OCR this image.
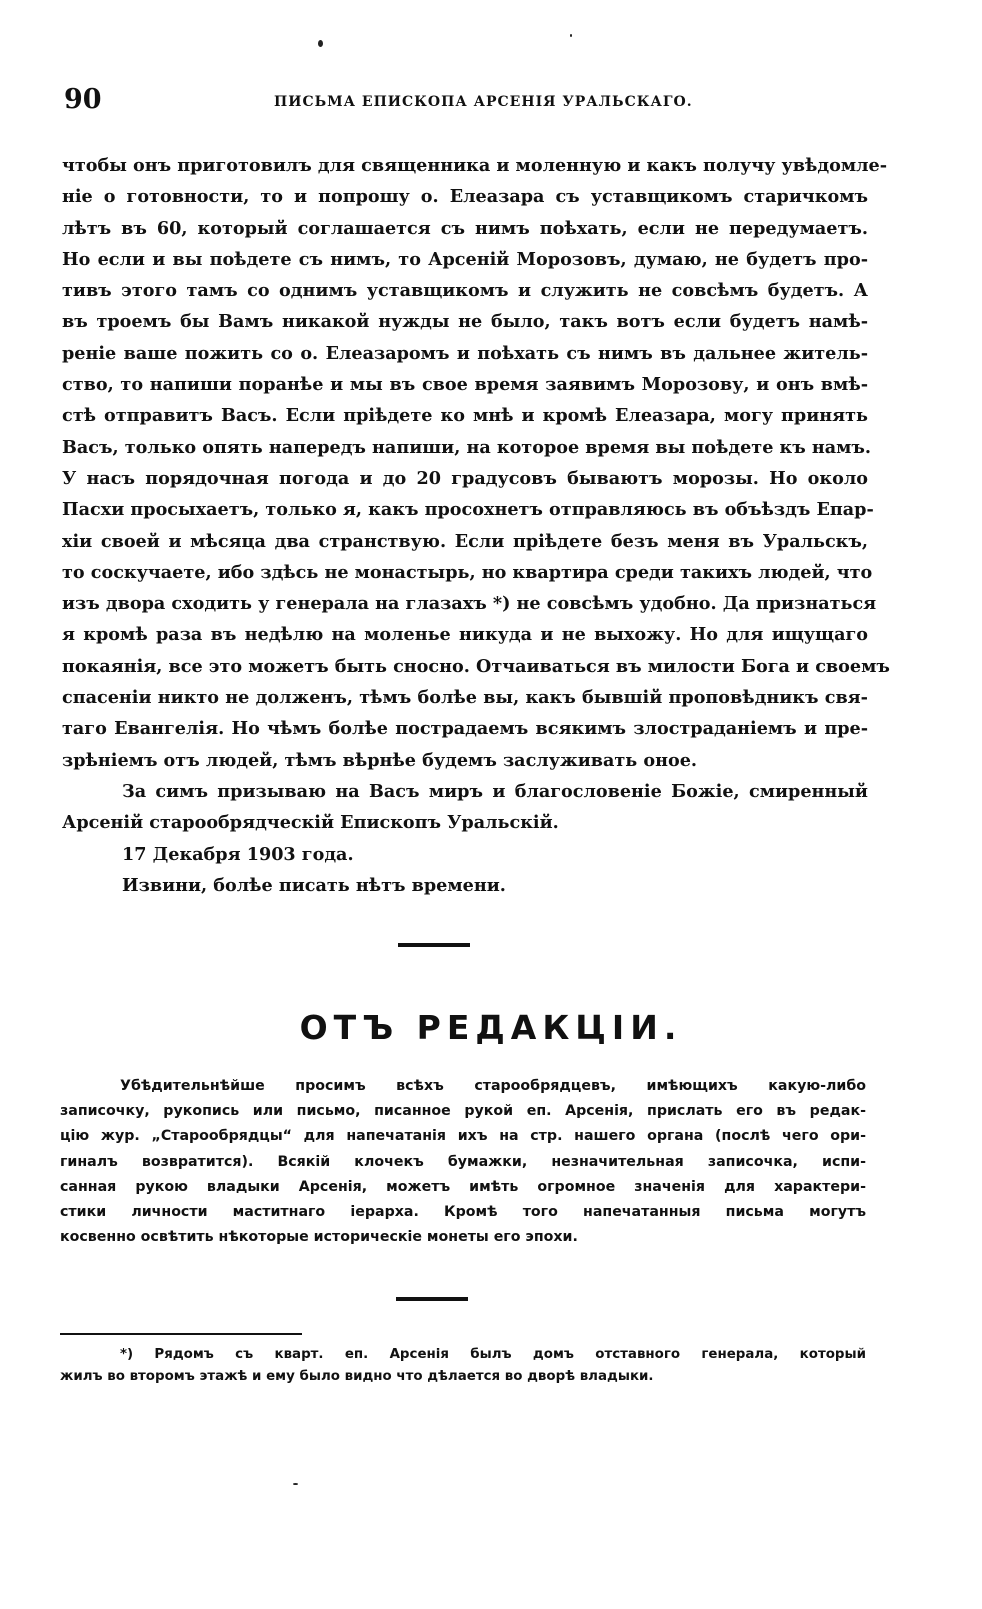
90	ПИСЬМА ЕПИСКОПА АРСЕНІЯ УРАЛЬСКАГО.
чтобы онъ приготовилъ для священника и моленную и какъ получу увѣдомле-
ніе о готовности, то и попрошу о. Елеазара съ уставщикомъ старичкомъ
лѣтъ въ 60, который соглашается съ нимъ поѣхать, если не передумаетъ.
Но если и вы поѣдете съ нимъ, то Арсеній Морозовъ, думаю, не будетъ про-
тивъ этого тамъ со однимъ уставщикомъ и служить не совсѣмъ будетъ. А
въ троемъ бы Вамъ никакой нужды не было, такъ вотъ если будетъ намѣ-
реніе ваше пожить со о. Елеазаромъ и поѣхать съ нимъ въ дальнее житель-
ство, то напиши поранѣе и мы въ свое время заявимъ Морозову, и онъ вмѣ-
стѣ отправитъ Васъ. Если пріѣдете ко мнѣ и кромѣ Елеазара, могу принять
Васъ, только опять напередъ напиши, на которое время вы поѣдете къ намъ.
У насъ порядочная погода и до 20 градусовъ бываютъ морозы. Но около
Пасхи просыхаетъ, только я, какъ просохнетъ отправляюсь въ объѣздъ Епар-
хіи своей и мѣсяца два странствую. Если пріѣдете безъ меня въ Уральскъ,
то соскучаете, ибо здѣсь не монастырь, но квартира среди такихъ людей, что
изъ двора сходить у генерала на глазахъ *) не совсѣмъ удобно. Да признаться
я кромѣ раза въ недѣлю на моленье никуда и не выхожу. Но для ищущаго
покаянія, все это можетъ быть сносно. Отчаиваться въ милости Бога и своемъ
спасеніи никто не долженъ, тѣмъ болѣе вы, какъ бывшій проповѣдникъ свя-
таго Евангелія. Но чѣмъ болѣе пострадаемъ всякимъ злостраданіемъ и пре-
зрѣніемъ отъ людей, тѣмъ вѣрнѣе будемъ заслуживать оное.
За симъ призываю на Васъ миръ и благословеніе Божіе, смиренный
Арсеній старообрядческій Епископъ Уральскій.
17 Декабря 1903 года.
Извини, болѣе писать нѣтъ времени.
ОТЪ РЕДАКЦІИ.
Убѣдительнѣйше просимъ всѣхъ старообрядцевъ, имѣющихъ какую-либо
записочку, рукопись или письмо, писанное рукой еп. Арсенія, прислать его въ редак-
цію жур. „Старообрядцы“ для напечатанія ихъ на стр. нашего органа (послѣ чего ори-
гиналъ возвратится). Всякій клочекъ бумажки, незначительная записочка, испи-
санная рукою владыки Арсенія, можетъ имѣть огромное значенія для характери-
стики личности маститнаго іерарха. Кромѣ того напечатанныя письма могутъ
косвенно освѣтить нѣкоторые историческіе монеты его эпохи.
*) Рядомъ съ кварт. еп. Арсенія былъ домъ отставного генерала, который
жилъ во второмъ этажѣ и ему было видно что дѣлается во дворѣ владыки.
